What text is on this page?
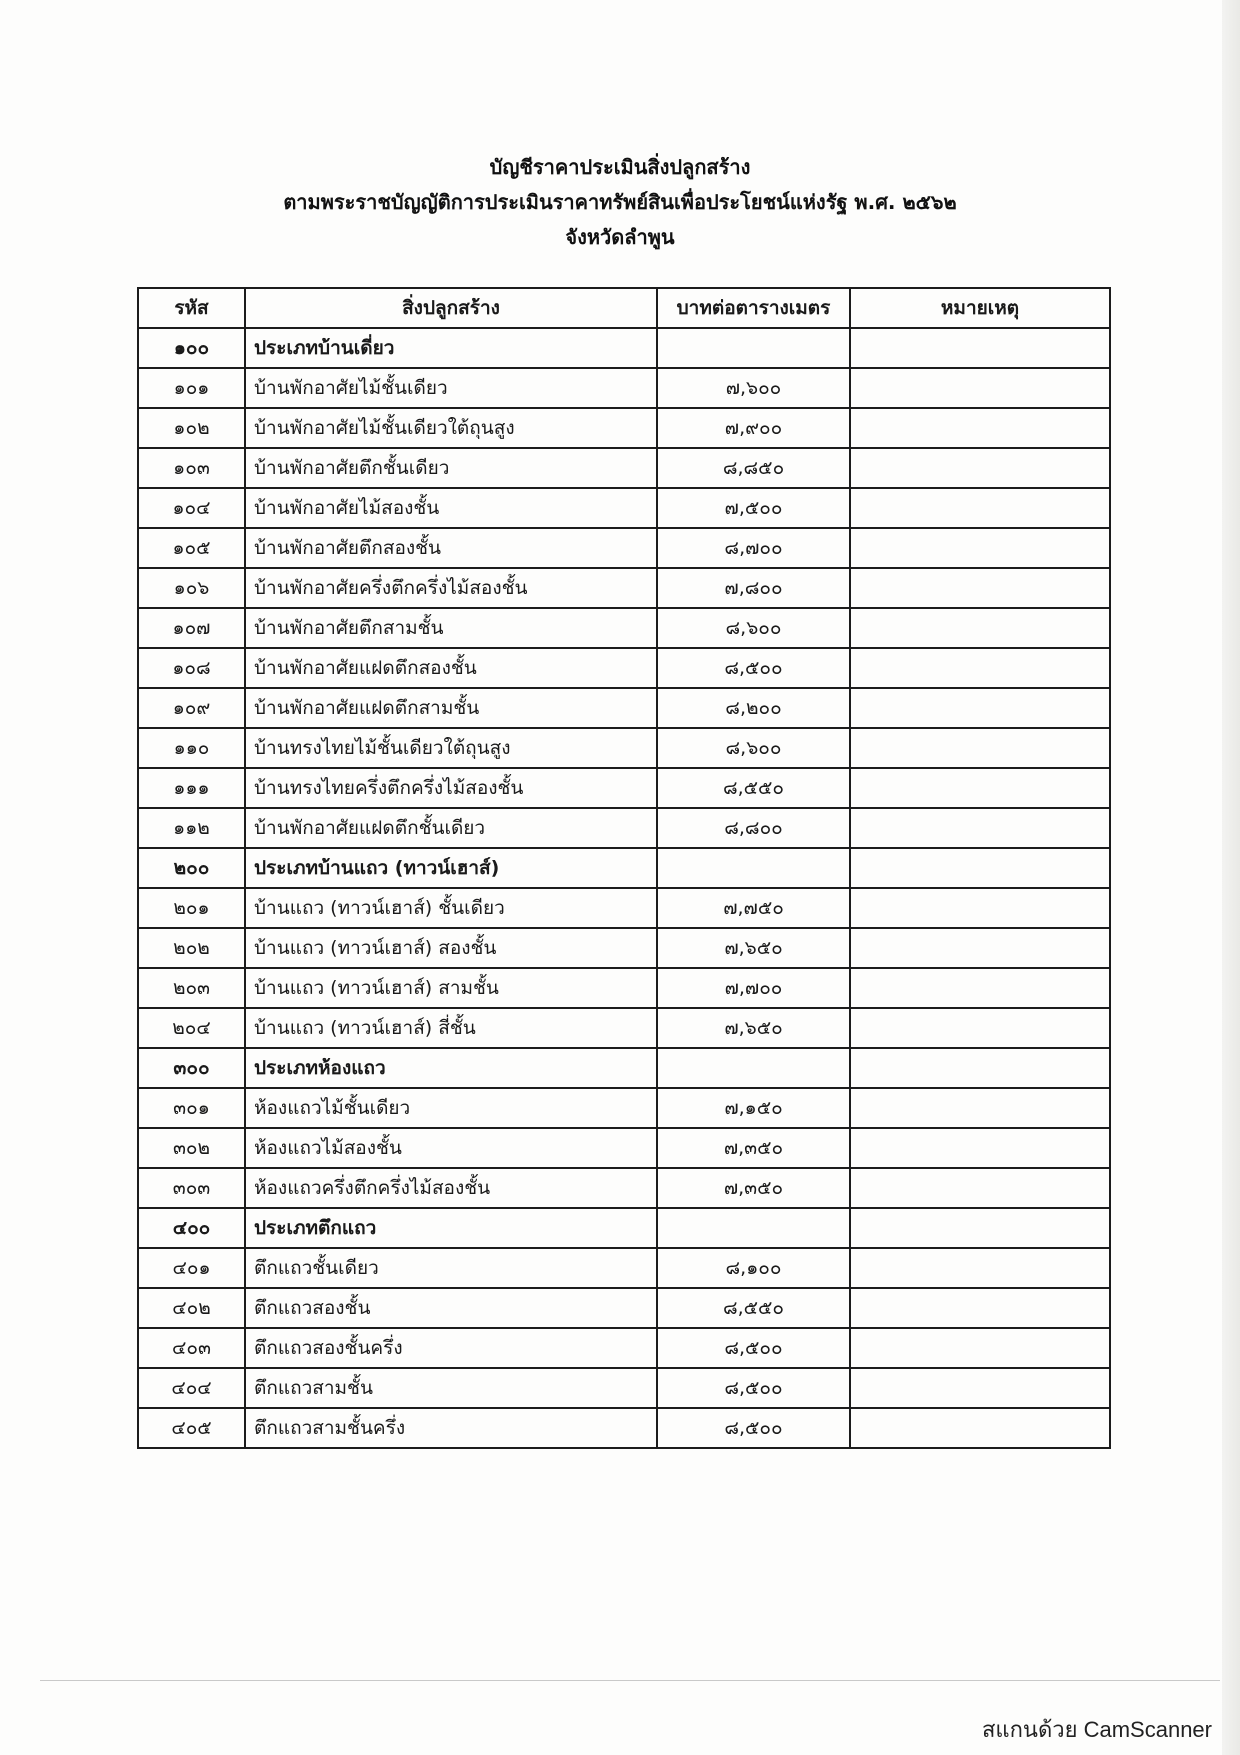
บัญชีราคาประเมินสิ่งปลูกสร้าง
ตามพระราชบัญญัติการประเมินราคาทรัพย์สินเพื่อประโยชน์แห่งรัฐ พ.ศ. ๒๕๖๒
จังหวัดลำพูน
รหัส	สิ่งปลูกสร้าง	บาทต่อตารางเมตร	หมายเหตุ
๑๐๐	ประเภทบ้านเดี่ยว		
๑๐๑	บ้านพักอาศัยไม้ชั้นเดียว	๗,๖๐๐	
๑๐๒	บ้านพักอาศัยไม้ชั้นเดียวใต้ถุนสูง	๗,๙๐๐	
๑๐๓	บ้านพักอาศัยตึกชั้นเดียว	๘,๘๕๐	
๑๐๔	บ้านพักอาศัยไม้สองชั้น	๗,๕๐๐	
๑๐๕	บ้านพักอาศัยตึกสองชั้น	๘,๗๐๐	
๑๐๖	บ้านพักอาศัยครึ่งตึกครึ่งไม้สองชั้น	๗,๘๐๐	
๑๐๗	บ้านพักอาศัยตึกสามชั้น	๘,๖๐๐	
๑๐๘	บ้านพักอาศัยแฝดตึกสองชั้น	๘,๕๐๐	
๑๐๙	บ้านพักอาศัยแฝดตึกสามชั้น	๘,๒๐๐	
๑๑๐	บ้านทรงไทยไม้ชั้นเดียวใต้ถุนสูง	๘,๖๐๐	
๑๑๑	บ้านทรงไทยครึ่งตึกครึ่งไม้สองชั้น	๘,๕๕๐	
๑๑๒	บ้านพักอาศัยแฝดตึกชั้นเดียว	๘,๘๐๐	
๒๐๐	ประเภทบ้านแถว (ทาวน์เฮาส์)		
๒๐๑	บ้านแถว (ทาวน์เฮาส์) ชั้นเดียว	๗,๗๕๐	
๒๐๒	บ้านแถว (ทาวน์เฮาส์) สองชั้น	๗,๖๕๐	
๒๐๓	บ้านแถว (ทาวน์เฮาส์) สามชั้น	๗,๗๐๐	
๒๐๔	บ้านแถว (ทาวน์เฮาส์) สี่ชั้น	๗,๖๕๐	
๓๐๐	ประเภทห้องแถว		
๓๐๑	ห้องแถวไม้ชั้นเดียว	๗,๑๕๐	
๓๐๒	ห้องแถวไม้สองชั้น	๗,๓๕๐	
๓๐๓	ห้องแถวครึ่งตึกครึ่งไม้สองชั้น	๗,๓๕๐	
๔๐๐	ประเภทตึกแถว		
๔๐๑	ตึกแถวชั้นเดียว	๘,๑๐๐	
๔๐๒	ตึกแถวสองชั้น	๘,๕๕๐	
๔๐๓	ตึกแถวสองชั้นครึ่ง	๘,๕๐๐	
๔๐๔	ตึกแถวสามชั้น	๘,๕๐๐	
๔๐๕	ตึกแถวสามชั้นครึ่ง	๘,๕๐๐	
สแกนด้วย CamScanner
